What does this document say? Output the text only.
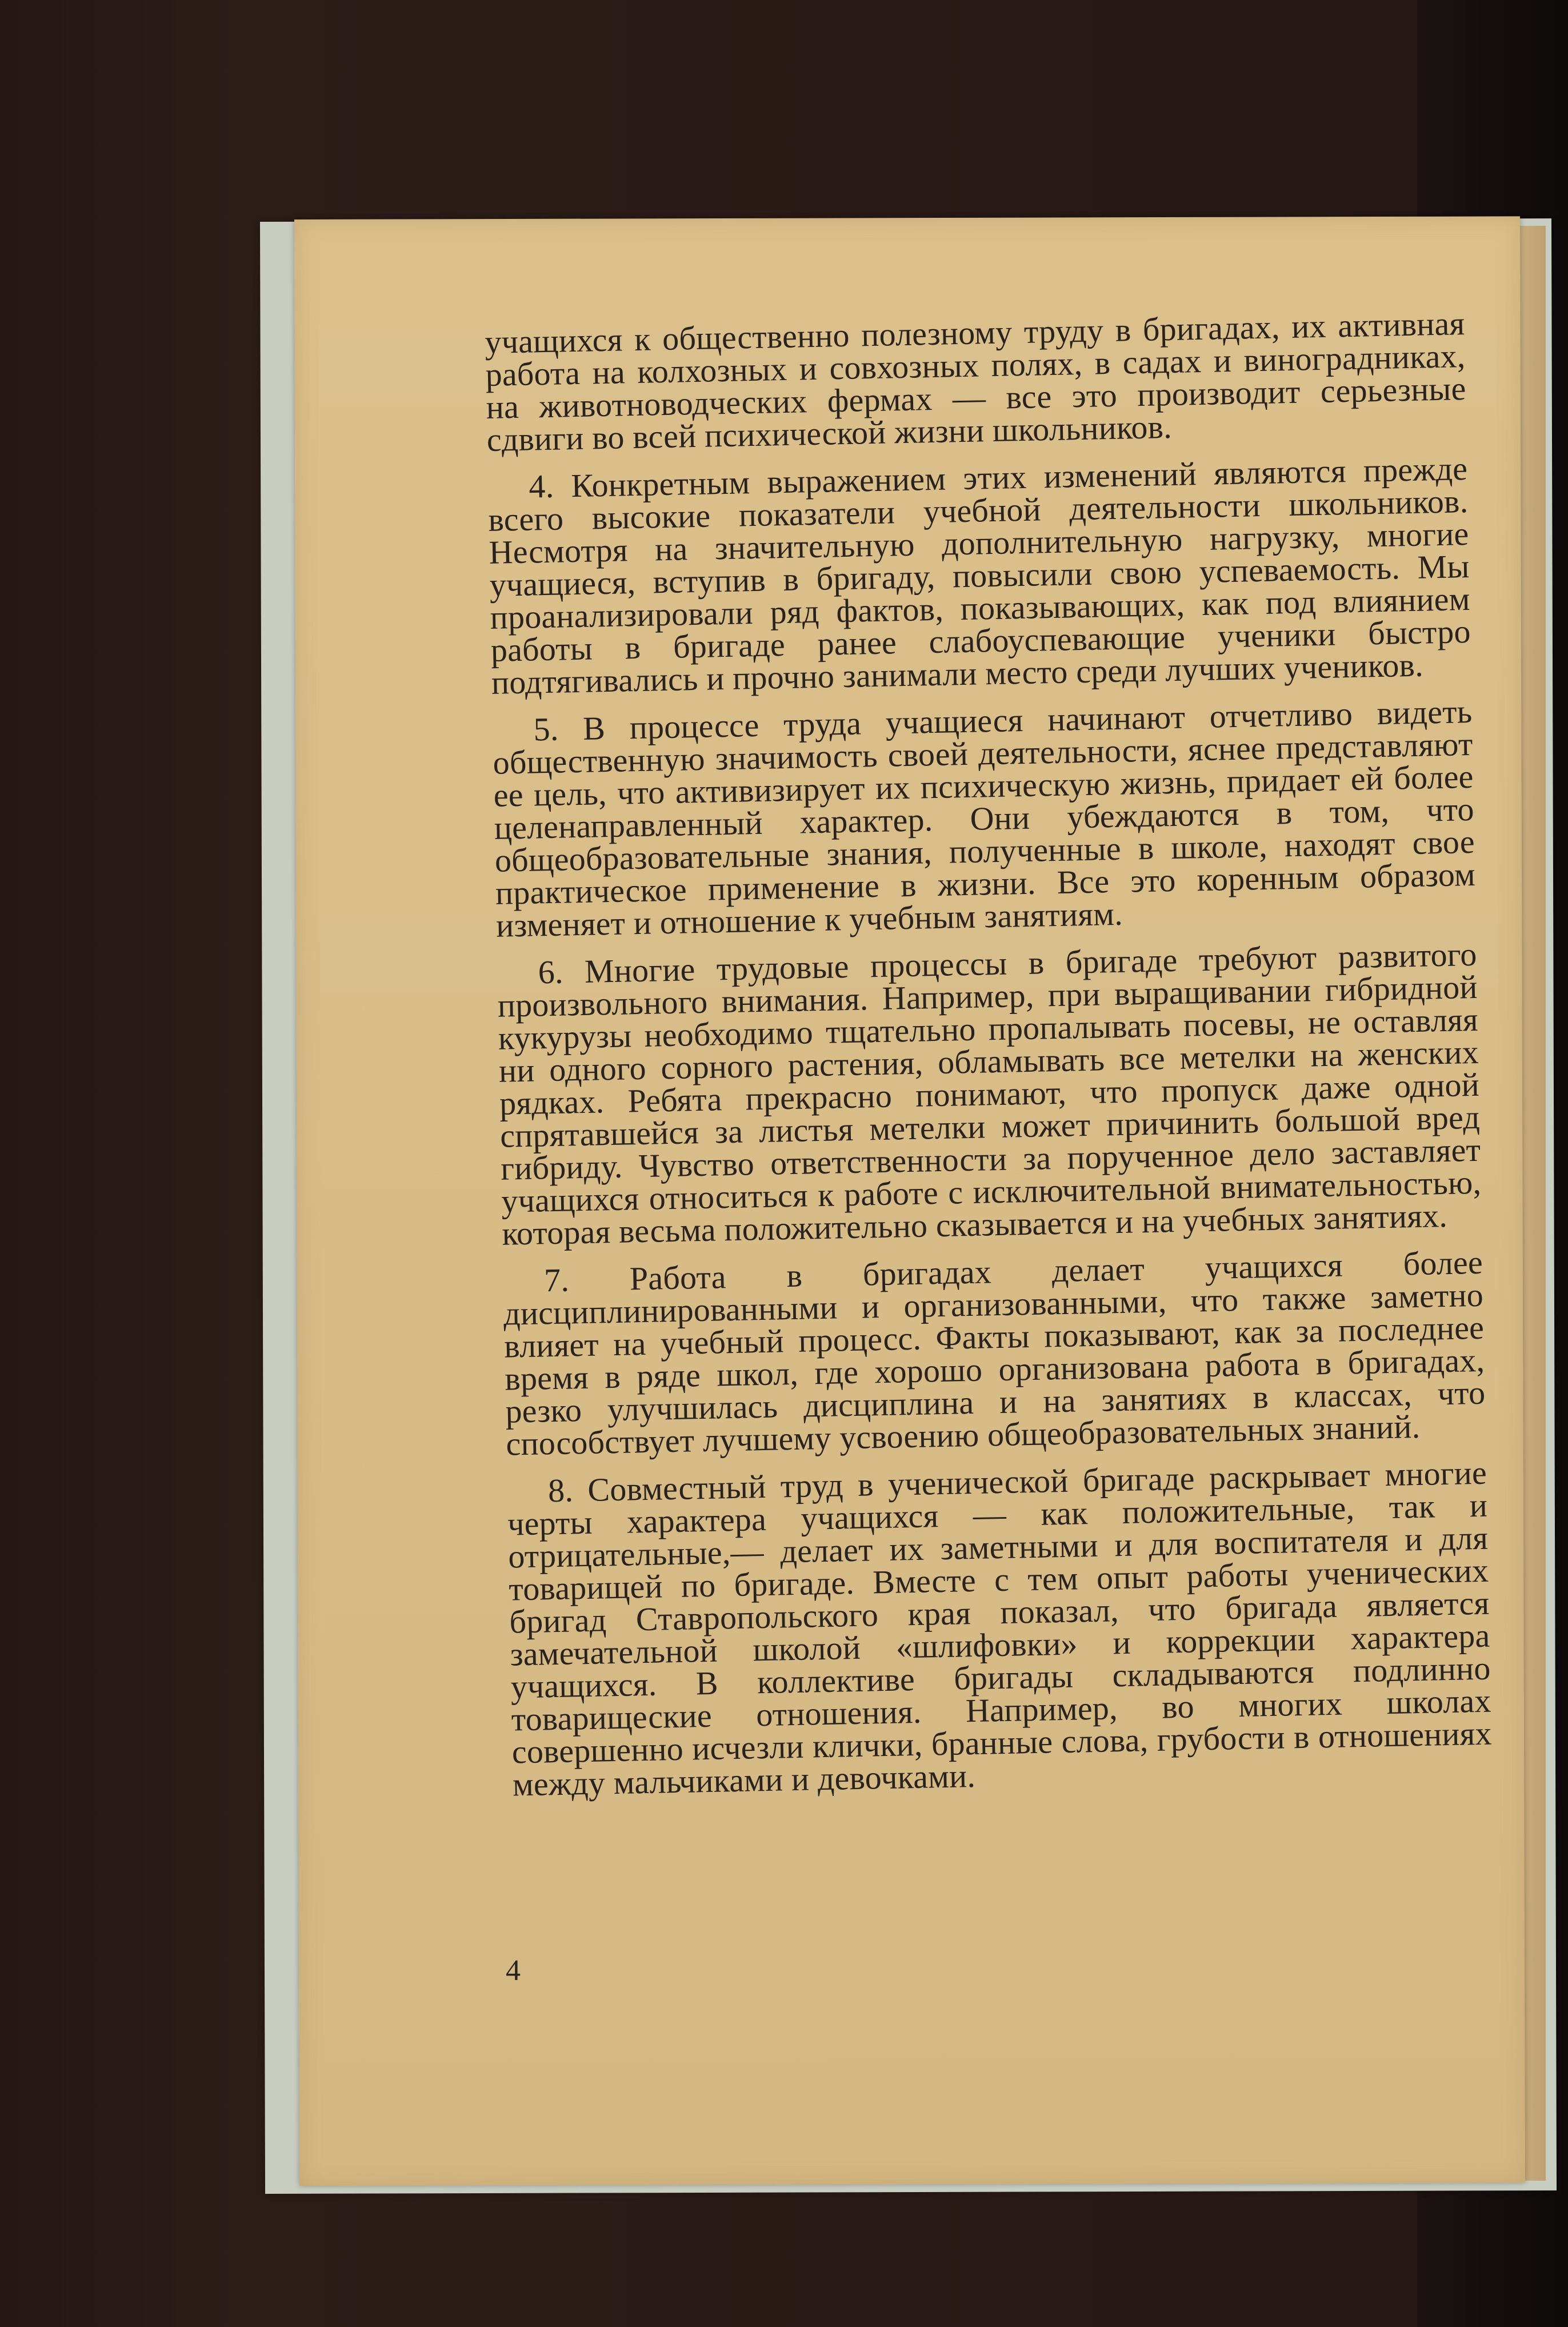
учащихся к общественно полезному труду в бригадах, их активная работа на колхозных и совхозных полях, в садах и виноградниках, на животноводческих фермах — все это производит серьезные сдвиги во всей психической жизни школьников.

4. Конкретным выражением этих изменений являются прежде всего высокие показатели учебной деятельности школьников. Несмотря на значительную дополнительную нагрузку, многие учащиеся, вступив в бригаду, повысили свою успеваемость. Мы проанализировали ряд фактов, показывающих, как под влиянием работы в бригаде ранее слабоуспевающие ученики быстро подтягивались и прочно занимали место среди лучших учеников.

5. В процессе труда учащиеся начинают отчетливо видеть общественную значимость своей деятельности, яснее представляют ее цель, что активизирует их психическую жизнь, придает ей более целенаправленный характер. Они убеждаются в том, что общеобразовательные знания, полученные в школе, находят свое практическое применение в жизни. Все это коренным образом изменяет и отношение к учебным занятиям.

6. Многие трудовые процессы в бригаде требуют развитого произвольного внимания. Например, при выращивании гибридной кукурузы необходимо тщательно пропалывать посевы, не оставляя ни одного сорного растения, обламывать все метелки на женских рядках. Ребята прекрасно понимают, что пропуск даже одной спрятавшейся за листья метелки может причинить большой вред гибриду. Чувство ответственности за порученное дело заставляет учащихся относиться к работе с исключительной внимательностью, которая весьма положительно сказывается и на учебных занятиях.

7. Работа в бригадах делает учащихся более дисциплинированными и организованными, что также заметно влияет на учебный процесс. Факты показывают, как за последнее время в ряде школ, где хорошо организована работа в бригадах, резко улучшилась дисциплина и на занятиях в классах, что способствует лучшему усвоению общеобразовательных знаний.

8. Совместный труд в ученической бригаде раскрывает многие черты характера учащихся — как положительные, так и отрицательные,— делает их заметными и для воспитателя и для товарищей по бригаде. Вместе с тем опыт работы ученических бригад Ставропольского края показал, что бригада является замечательной школой «шлифовки» и коррекции характера учащихся. В коллективе бригады складываются подлинно товарищеские отношения. Например, во многих школах совершенно исчезли клички, бранные слова, грубости в отношениях между мальчиками и девочками.

4
